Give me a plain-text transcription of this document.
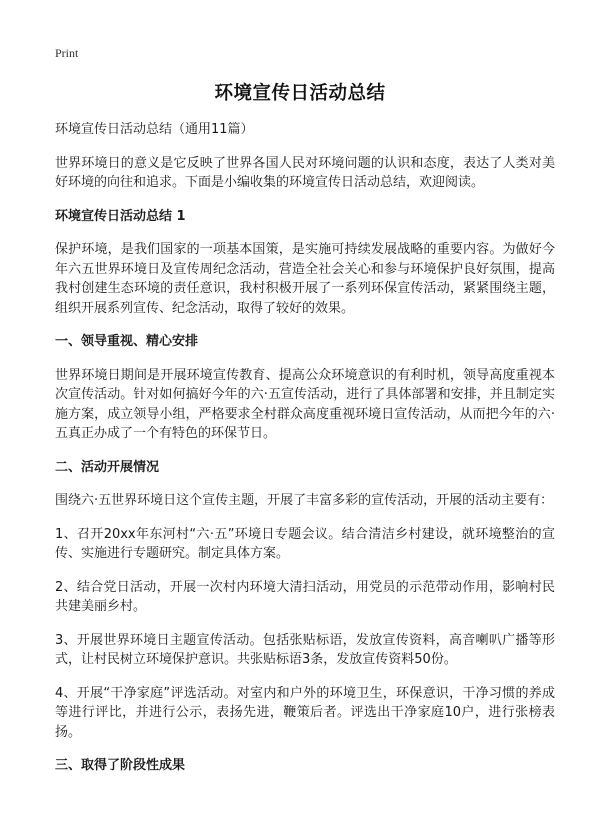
Print
环境宣传日活动总结

环境宣传日活动总结（通用11篇）

世界环境日的意义是它反映了世界各国人民对环境问题的认识和态度，表达了人类对美好环境的向往和追求。下面是小编收集的环境宣传日活动总结，欢迎阅读。

环境宣传日活动总结 1

保护环境，是我们国家的一项基本国策，是实施可持续发展战略的重要内容。为做好今年六五世界环境日及宣传周纪念活动，营造全社会关心和参与环境保护良好氛围，提高我村创建生态环境的责任意识，我村积极开展了一系列环保宣传活动，紧紧围绕主题，组织开展系列宣传、纪念活动，取得了较好的效果。

一、领导重视、精心安排

世界环境日期间是开展环境宣传教育、提高公众环境意识的有利时机，领导高度重视本次宣传活动。针对如何搞好今年的六·五宣传活动，进行了具体部署和安排，并且制定实施方案，成立领导小组，严格要求全村群众高度重视环境日宣传活动，从而把今年的六·五真正办成了一个有特色的环保节日。

二、活动开展情况

围绕六·五世界环境日这个宣传主题，开展了丰富多彩的宣传活动，开展的活动主要有：

1、召开20xx年东河村“六·五”环境日专题会议。结合清洁乡村建设，就环境整治的宣传、实施进行专题研究。制定具体方案。

2、结合党日活动，开展一次村内环境大清扫活动，用党员的示范带动作用，影响村民共建美丽乡村。

3、开展世界环境日主题宣传活动。包括张贴标语，发放宣传资料，高音喇叭广播等形式，让村民树立环境保护意识。共张贴标语3条，发放宣传资料50份。

4、开展“干净家庭”评选活动。对室内和户外的环境卫生，环保意识，干净习惯的养成等进行评比，并进行公示，表扬先进，鞭策后者。评选出干净家庭10户，进行张榜表扬。

三、取得了阶段性成果
